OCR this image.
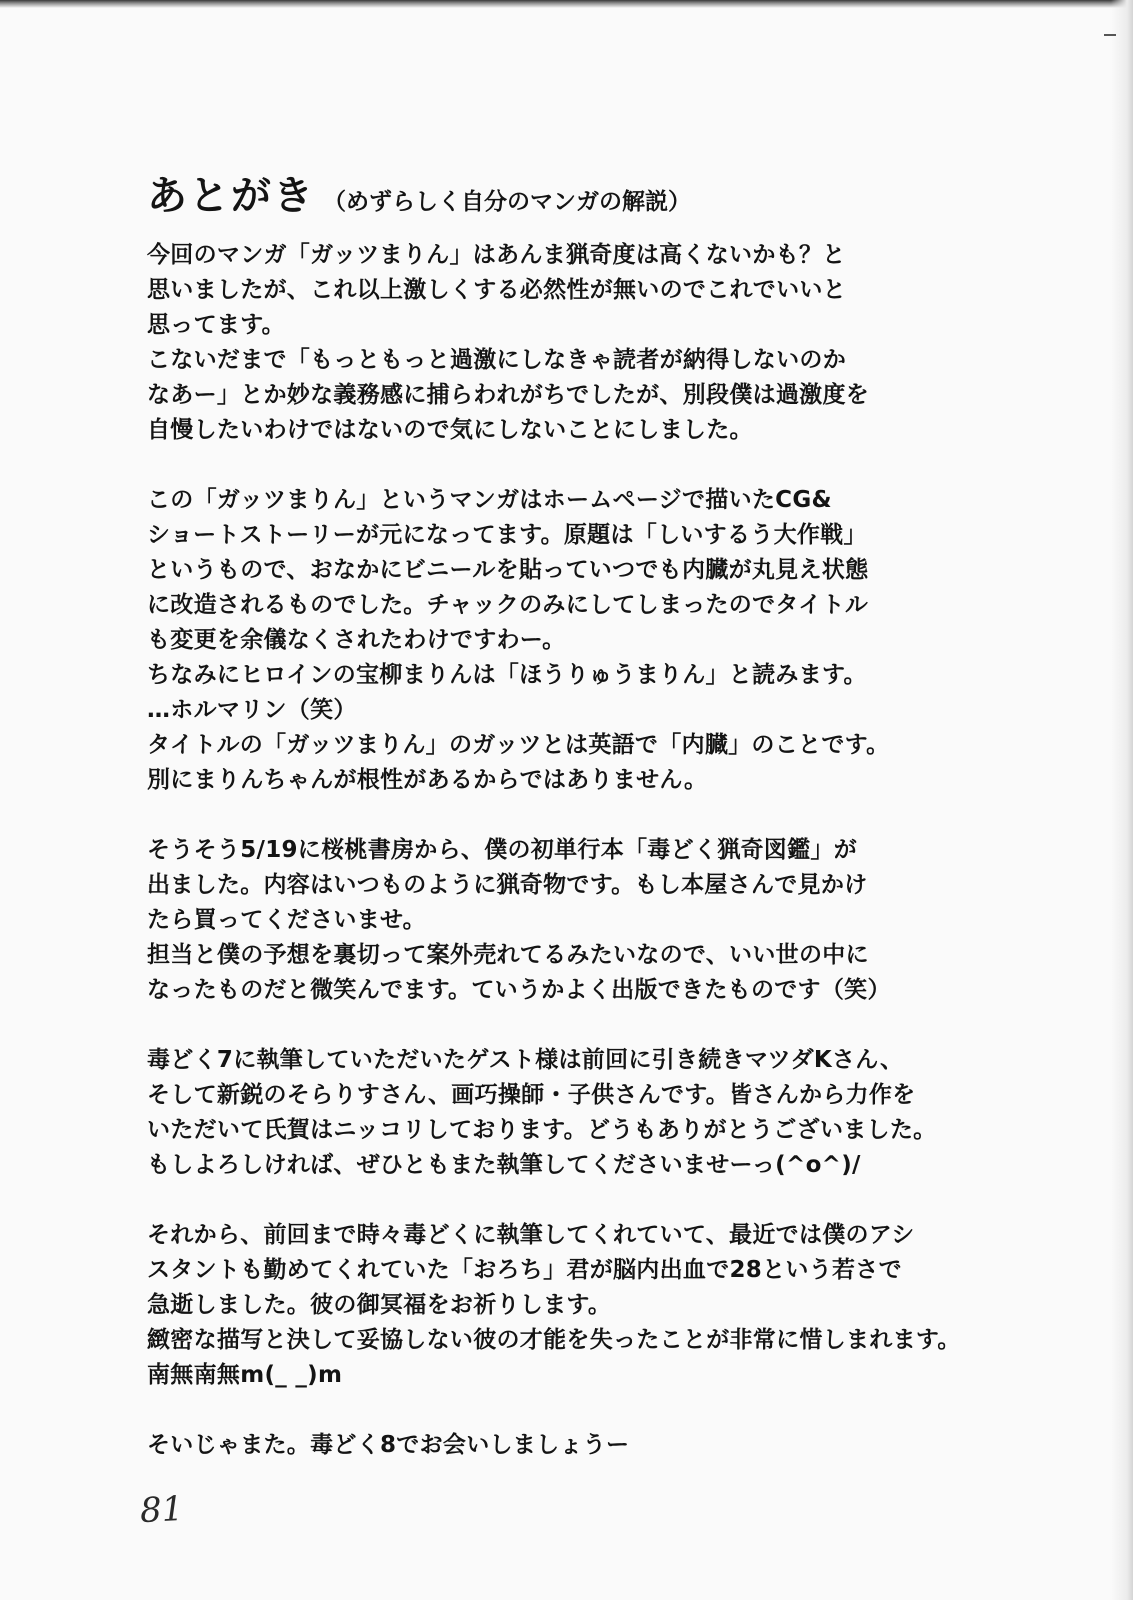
あとがき （めずらしく自分のマンガの解説）
今回のマンガ「ガッツまりん」はあんま猟奇度は高くないかも？と
思いましたが、これ以上激しくする必然性が無いのでこれでいいと
思ってます。
こないだまで「もっともっと過激にしなきゃ読者が納得しないのか
なあー」とか妙な義務感に捕らわれがちでしたが、別段僕は過激度を
自慢したいわけではないので気にしないことにしました。
この「ガッツまりん」というマンガはホームページで描いたCG&
ショートストーリーが元になってます。原題は「しいするう大作戦」
というもので、おなかにビニールを貼っていつでも内臓が丸見え状態
に改造されるものでした。チャックのみにしてしまったのでタイトル
も変更を余儀なくされたわけですわー。
ちなみにヒロインの宝柳まりんは「ほうりゅうまりん」と読みます。
…ホルマリン（笑）
タイトルの「ガッツまりん」のガッツとは英語で「内臓」のことです。
別にまりんちゃんが根性があるからではありません。
そうそう5/19に桜桃書房から、僕の初単行本「毒どく猟奇図鑑」が
出ました。内容はいつものように猟奇物です。もし本屋さんで見かけ
たら買ってくださいませ。
担当と僕の予想を裏切って案外売れてるみたいなので、いい世の中に
なったものだと微笑んでます。ていうかよく出版できたものです（笑）
毒どく7に執筆していただいたゲスト様は前回に引き続きマツダKさん、
そして新鋭のそらりすさん、画巧操師・子供さんです。皆さんから力作を
いただいて氏賀はニッコリしております。どうもありがとうございました。
もしよろしければ、ぜひともまた執筆してくださいませーっ(^o^)/
それから、前回まで時々毒どくに執筆してくれていて、最近では僕のアシ
スタントも勤めてくれていた「おろち」君が脳内出血で28という若さで
急逝しました。彼の御冥福をお祈りします。
緻密な描写と決して妥協しない彼の才能を失ったことが非常に惜しまれます。
南無南無m(_ _)m
そいじゃまた。毒どく8でお会いしましょうー
81
